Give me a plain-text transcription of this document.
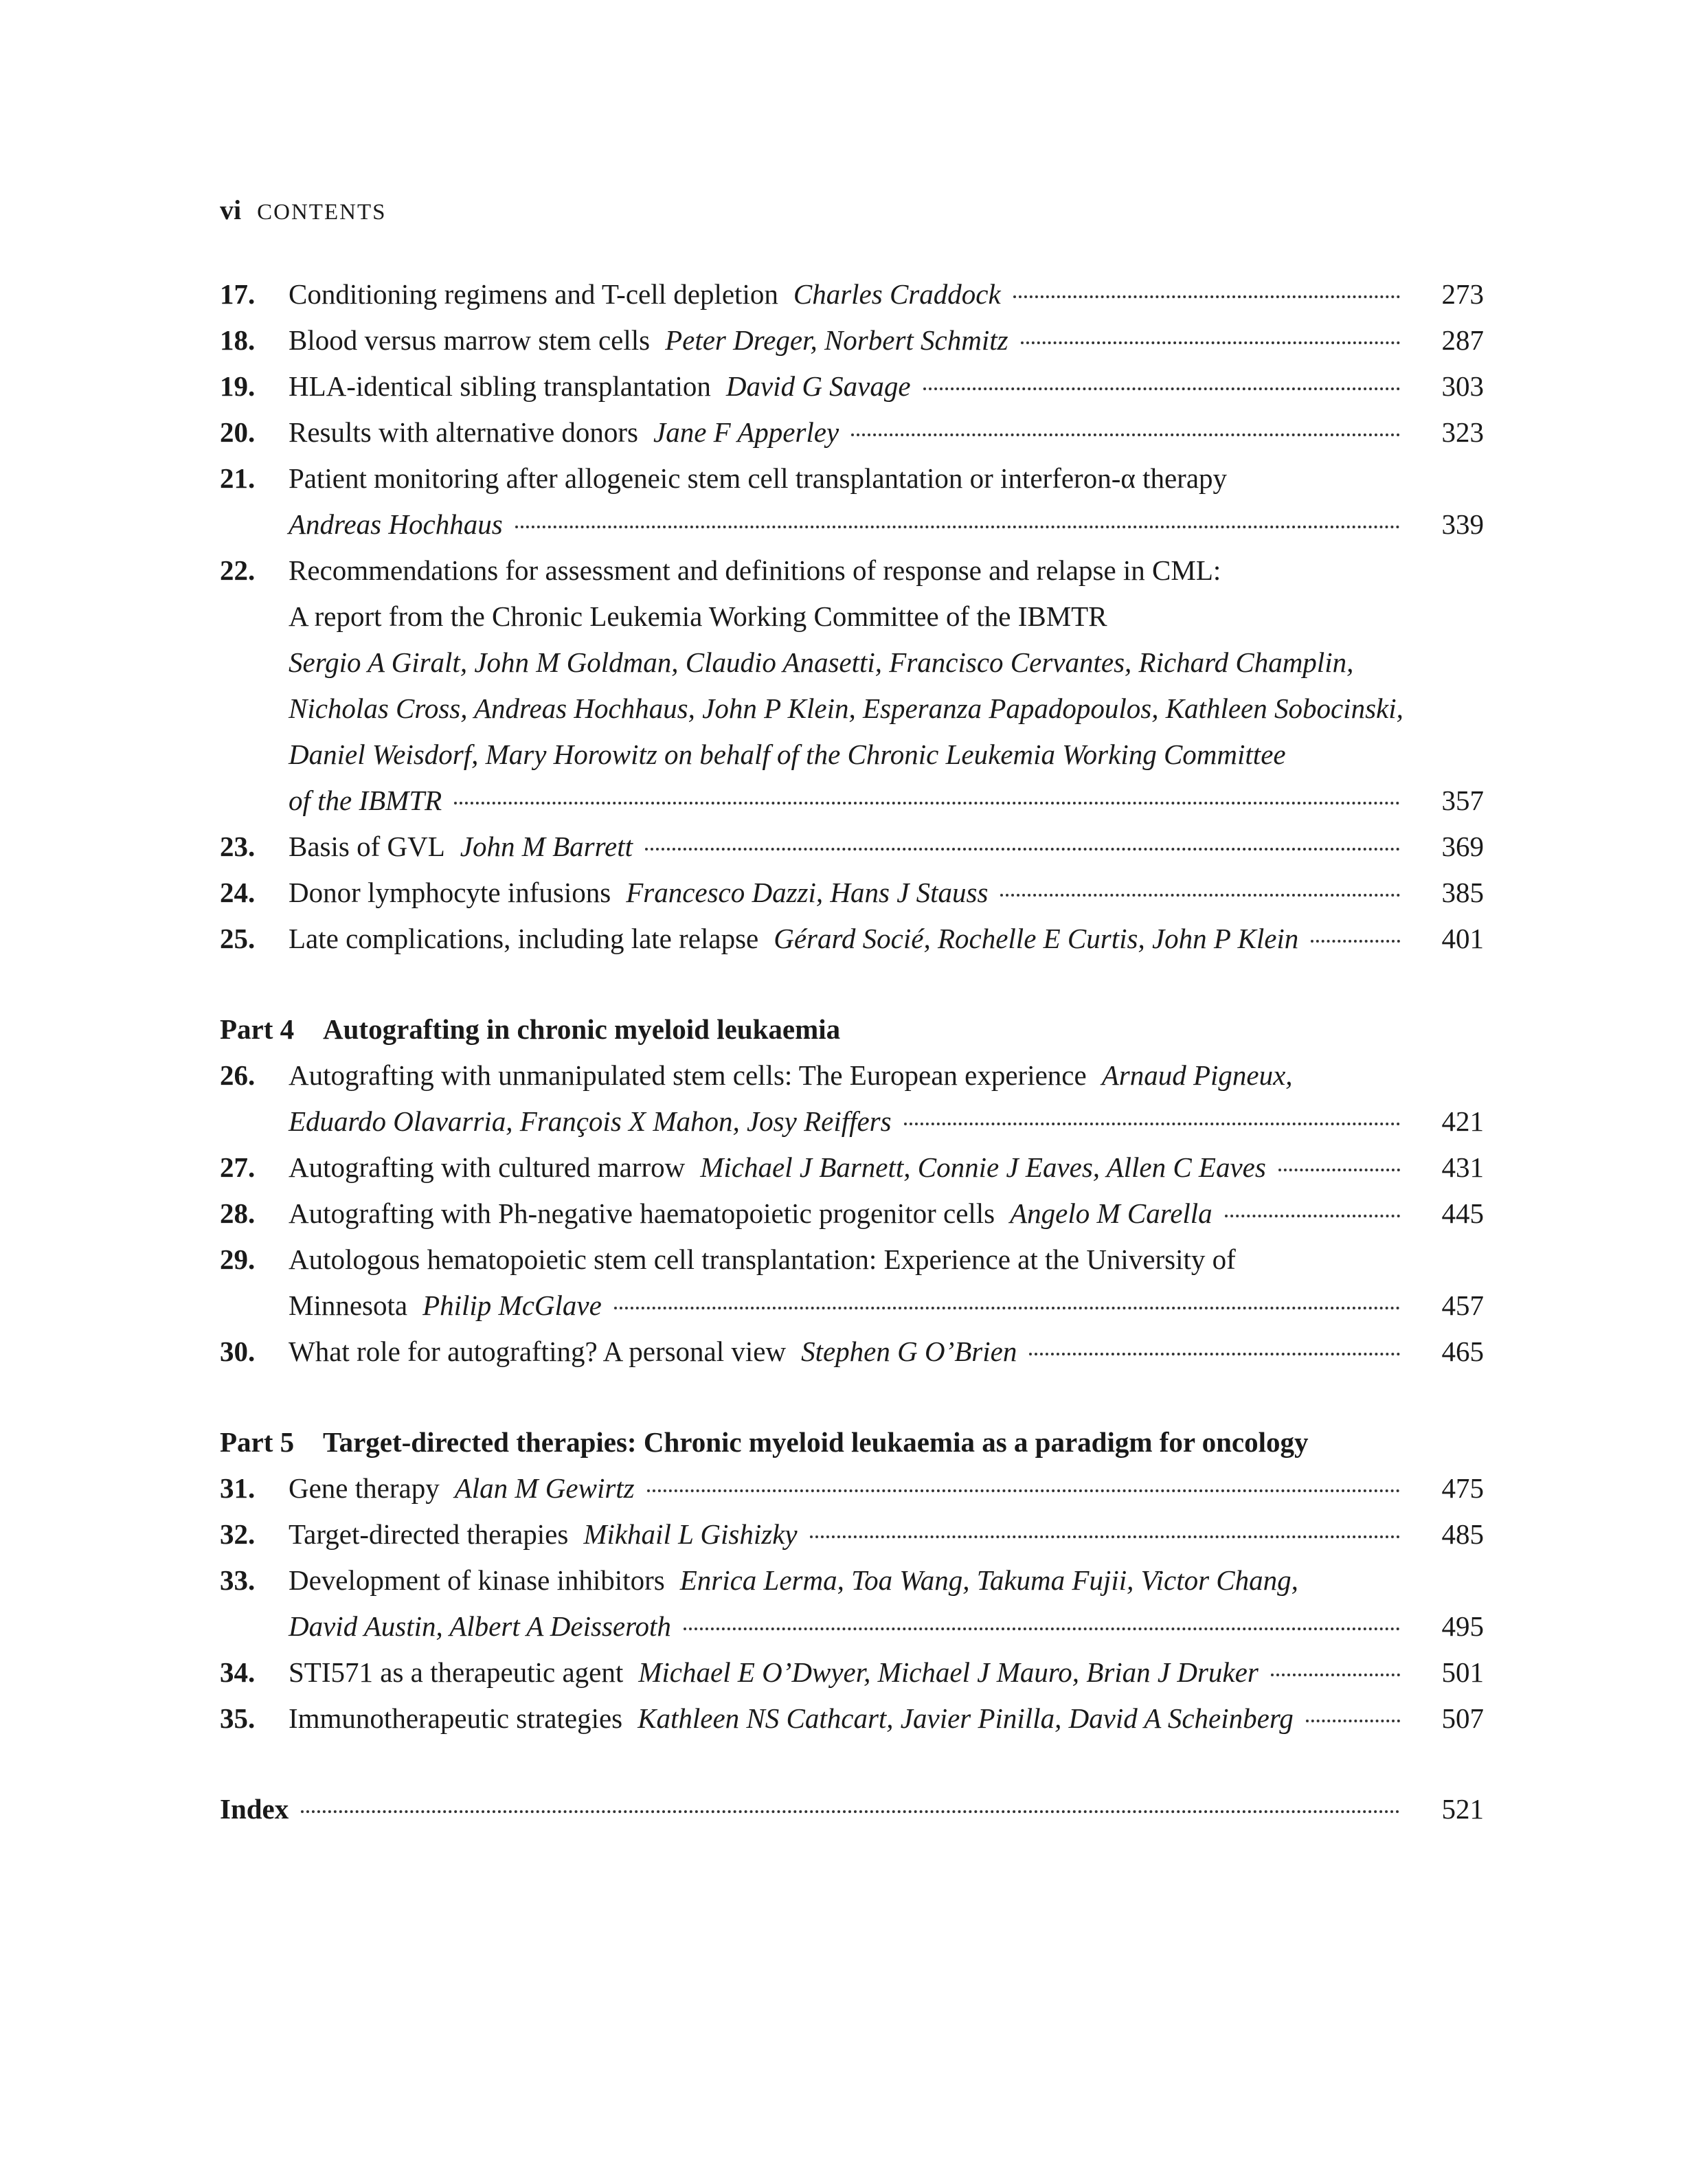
vi CONTENTS
17.	Conditioning regimens and T-cell depletion Charles Craddock	273
18.	Blood versus marrow stem cells Peter Dreger, Norbert Schmitz	287
19.	HLA-identical sibling transplantation David G Savage	303
20.	Results with alternative donors Jane F Apperley	323
21.	Patient monitoring after allogeneic stem cell transplantation or interferon-α therapy
Andreas Hochhaus	339
22.	Recommendations for assessment and definitions of response and relapse in CML:
A report from the Chronic Leukemia Working Committee of the IBMTR
Sergio A Giralt, John M Goldman, Claudio Anasetti, Francisco Cervantes, Richard Champlin,
Nicholas Cross, Andreas Hochhaus, John P Klein, Esperanza Papadopoulos, Kathleen Sobocinski,
Daniel Weisdorf, Mary Horowitz on behalf of the Chronic Leukemia Working Committee
of the IBMTR	357
23.	Basis of GVL John M Barrett	369
24.	Donor lymphocyte infusions Francesco Dazzi, Hans J Stauss	385
25.	Late complications, including late relapse Gérard Socié, Rochelle E Curtis, John P Klein	401
Part 4	Autografting in chronic myeloid leukaemia
26.	Autografting with unmanipulated stem cells: The European experience Arnaud Pigneux,
Eduardo Olavarria, François X Mahon, Josy Reiffers	421
27.	Autografting with cultured marrow Michael J Barnett, Connie J Eaves, Allen C Eaves	431
28.	Autografting with Ph-negative haematopoietic progenitor cells Angelo M Carella	445
29.	Autologous hematopoietic stem cell transplantation: Experience at the University of
Minnesota Philip McGlave	457
30.	What role for autografting? A personal view Stephen G O’Brien	465
Part 5	Target-directed therapies: Chronic myeloid leukaemia as a paradigm for oncology
31.	Gene therapy Alan M Gewirtz	475
32.	Target-directed therapies Mikhail L Gishizky	485
33.	Development of kinase inhibitors Enrica Lerma, Toa Wang, Takuma Fujii, Victor Chang,
David Austin, Albert A Deisseroth	495
34.	STI571 as a therapeutic agent Michael E O’Dwyer, Michael J Mauro, Brian J Druker	501
35.	Immunotherapeutic strategies Kathleen NS Cathcart, Javier Pinilla, David A Scheinberg	507
Index	521
